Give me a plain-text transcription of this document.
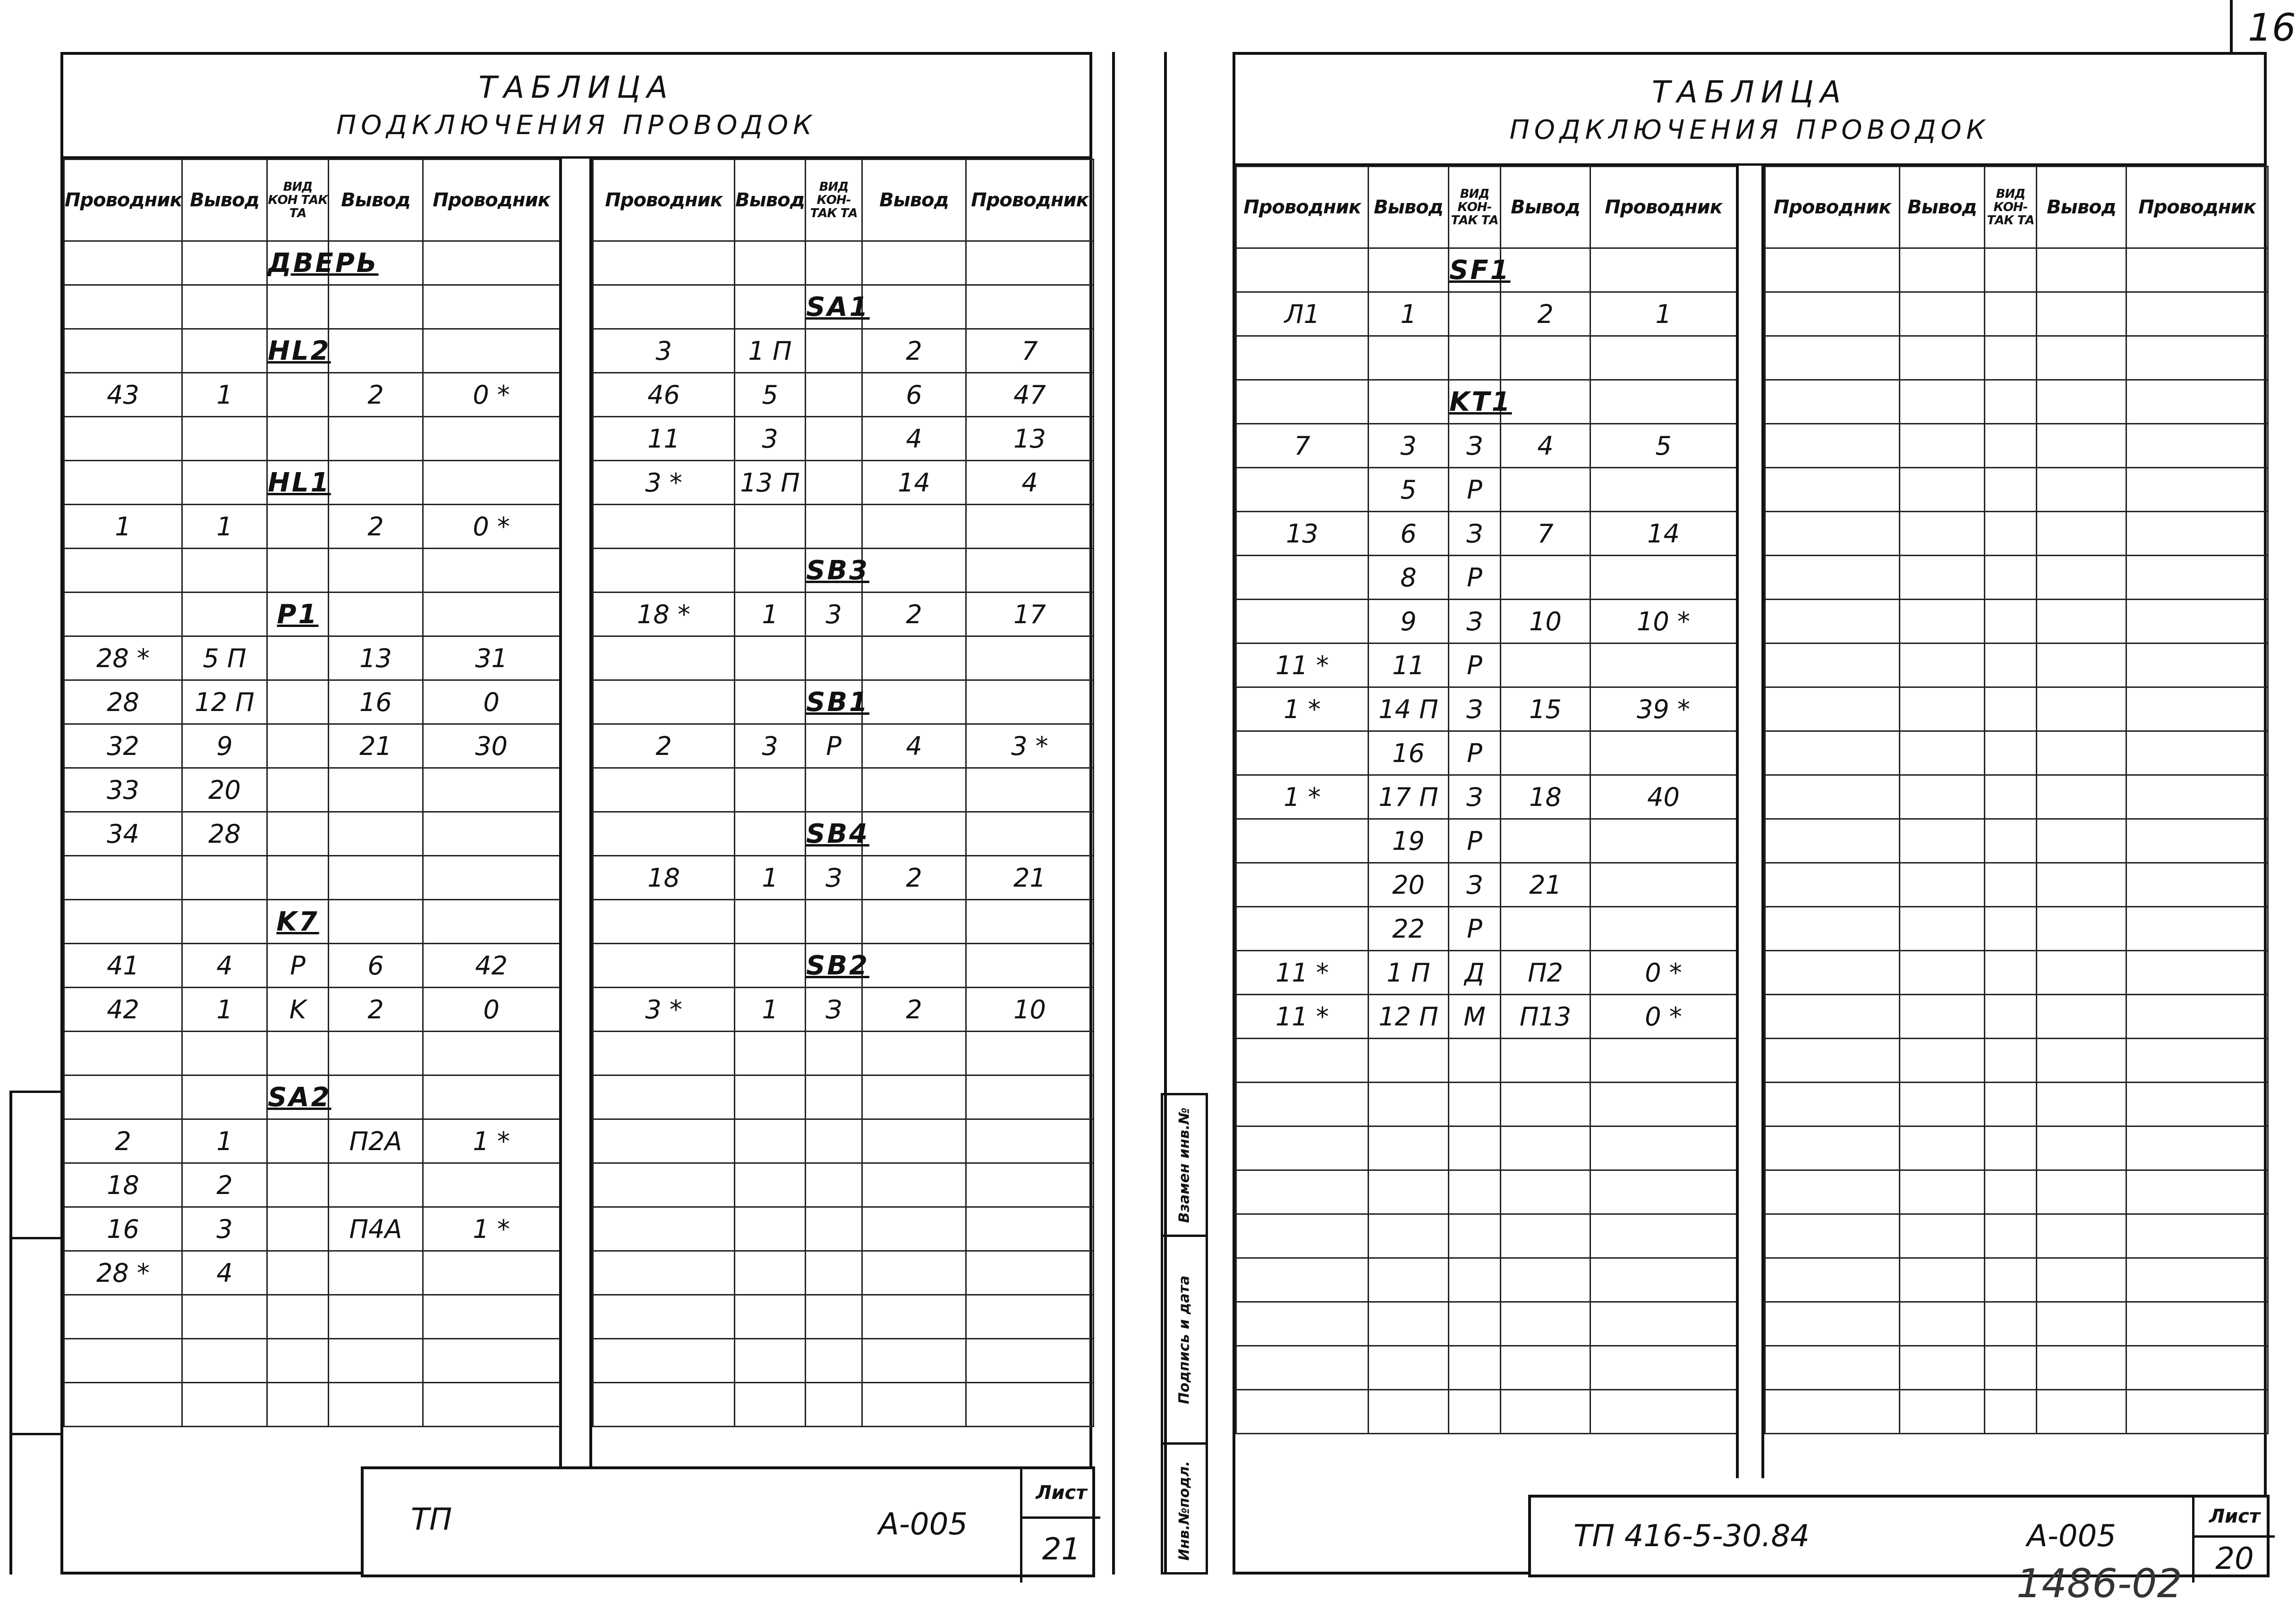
16
ТАБЛИЦА
ПОДКЛЮЧЕНИЯ ПРОВОДОК
Проводник	Вывод	ВИД КОН ТАК ТА	Вывод	Проводник
		ДВЕРЬ		

		HL2		
43	1		2	0 *

		HL1		
1	1		2	0 *

		P1		
28 *	5 П		13	31
28	12 П		16	0
32	9		21	30
33	20			
34	28			

		K7		
41	4	P	6	42
42	1	K	2	0

		SA2		
2	1		П2А	1 *
18	2			
16	3		П4А	1 *
28 *	4			

Проводник	Вывод	ВИД КОН- ТАК ТА	Вывод	Проводник

		SA1		
3	1 П		2	7
46	5		6	47
11	3		4	13
3 *	13 П		14	4

		SB3		
18 *	1	3	2	17

		SB1		
2	3	P	4	3 *

		SB4		
18	1	З	2	21

		SB2		
3 *	1	З	2	10

ТП	А-005
Лист
21
Взамен инв.№
Подпись и дата
Инв.№подл.
ТАБЛИЦА
ПОДКЛЮЧЕНИЯ ПРОВОДОК
Проводник	Вывод	ВИД КОН- ТАК ТА	Вывод	Проводник
		SF1		
Л1	1		2	1

		KT1		
7	3	З	4	5
	5	P		
13	6	З	7	14
	8	P		
	9	З	10	10 *
11 *	11	P		
1 *	14 П	З	15	39 *
	16	P		
1 *	17 П	З	18	40
	19	P		
	20	З	21	
	22	P		
11 *	1 П	Д	П2	0 *
11 *	12 П	М	П13	0 *

Проводник	Вывод	ВИД КОН- ТАК ТА	Вывод	Проводник

ТП 416-5-30.84	А-005
Лист
20
1486-02
